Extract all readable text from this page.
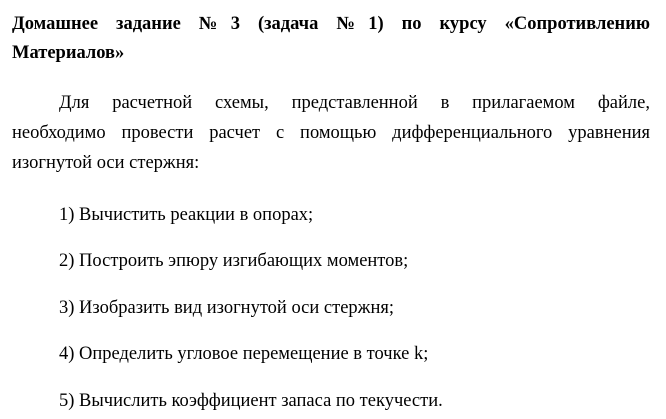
Домашнее задание №3 (задача №1) по курсу «Сопротивлению
Материалов»

Для расчетной схемы, представленной в прилагаемом файле,
необходимо провести расчет с помощью дифференциального уравнения
изогнутой оси стержня:

1) Вычистить реакции в опорах;
2) Построить эпюру изгибающих моментов;
3) Изобразить вид изогнутой оси стержня;
4) Определить угловое перемещение в точке k;
5) Вычислить коэффициент запаса по текучести.
